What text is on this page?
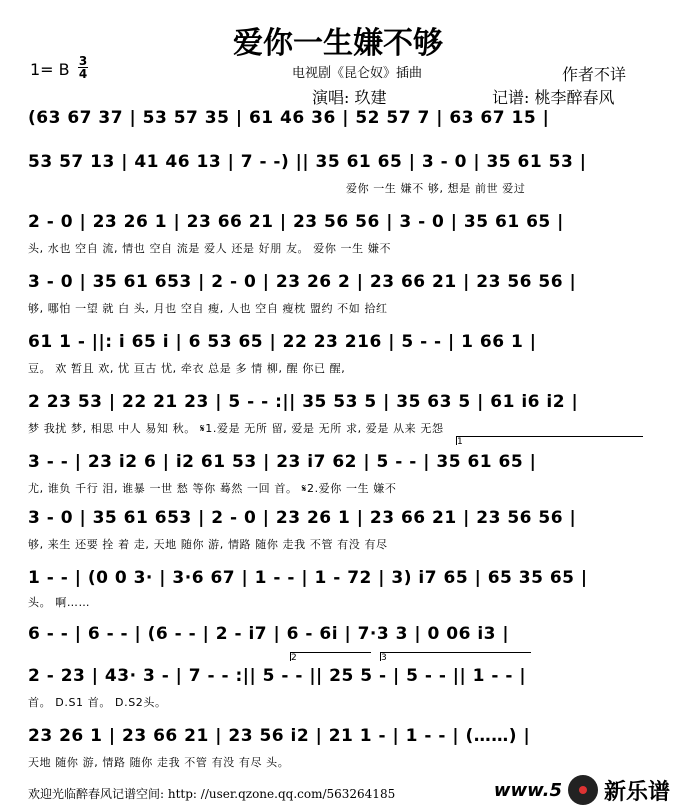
爱你一生嫌不够
1= B 3
4	电视剧《昆仑奴》插曲	作者不详
演唱: 玖建	记谱: 桃李醉春风
(63 67 37 | 53 57 35 | 61 46 36 | 52 57 7 | 63 67 15 |
53 57 13 | 41 46 13 | 7 - -) || 35 61 65 | 3 - 0 | 35 61 53 |
爱你 一生 嫌不 够, 想是 前世 爱过
2 - 0 | 23 26 1 | 23 66 21 | 23 56 56 | 3 - 0 | 35 61 65 |
头, 水也 空自 流, 情也 空自 流是 爱人 还是 好朋 友。 爱你 一生 嫌不
3 - 0 | 35 61 653 | 2 - 0 | 23 26 2 | 23 66 21 | 23 56 56 |
够, 哪怕 一望 就 白 头, 月也 空自 瘦, 人也 空自 瘦枕 盟约 不如 拾红
61 1 - ||: i 65 i | 6 53 65 | 22 23 216 | 5 - - | 1 66 1 |
豆。 欢 暂且 欢, 忧 亘古 忧, 牵衣 总是 多 情 柳, 醒 你已 醒,
2 23 53 | 22 21 23 | 5 - - :|| 35 53 5 | 35 63 5 | 61 i6 i2 |
梦 我扰 梦, 相思 中人 易知 秋。 𝄋1.爱是 无所 留, 爱是 无所 求, 爱是 从来 无怨
3 - - | 23 i2 6 | i2 61 53 | 23 i7 62 | 5 - - | 35 61 65 |
尤, 谁负 千行 泪, 谁暴 一世 愁 等你 蓦然 一回 首。 𝄋2.爱你 一生 嫌不
3 - 0 | 35 61 653 | 2 - 0 | 23 26 1 | 23 66 21 | 23 56 56 |
够, 来生 还要 拴 着 走, 天地 随你 游, 情路 随你 走我 不管 有没 有尽
1 - - | (0 0 3· | 3·6 67 | 1 - - | 1 - 72 | 3) i7 65 | 65 35 65 |
头。 啊……
6 - - | 6 - - | (6 - - | 2 - i7 | 6 - 6i | 7·3 3 | 0 06 i3 |
2	3
1
2 - 23 | 43· 3 - | 7 - - :|| 5 - - || 25 5 - | 5 - - || 1 - - |
首。 D.S1 首。 D.S2头。
23 26 1 | 23 66 21 | 23 56 i2 | 21 1 - | 1 - - | (……) |
天地 随你 游, 情路 随你 走我 不管 有没 有尽 头。
欢迎光临醉春风记谱空间: http: //user.qzone.qq.com/563264185	www.5 新乐谱
